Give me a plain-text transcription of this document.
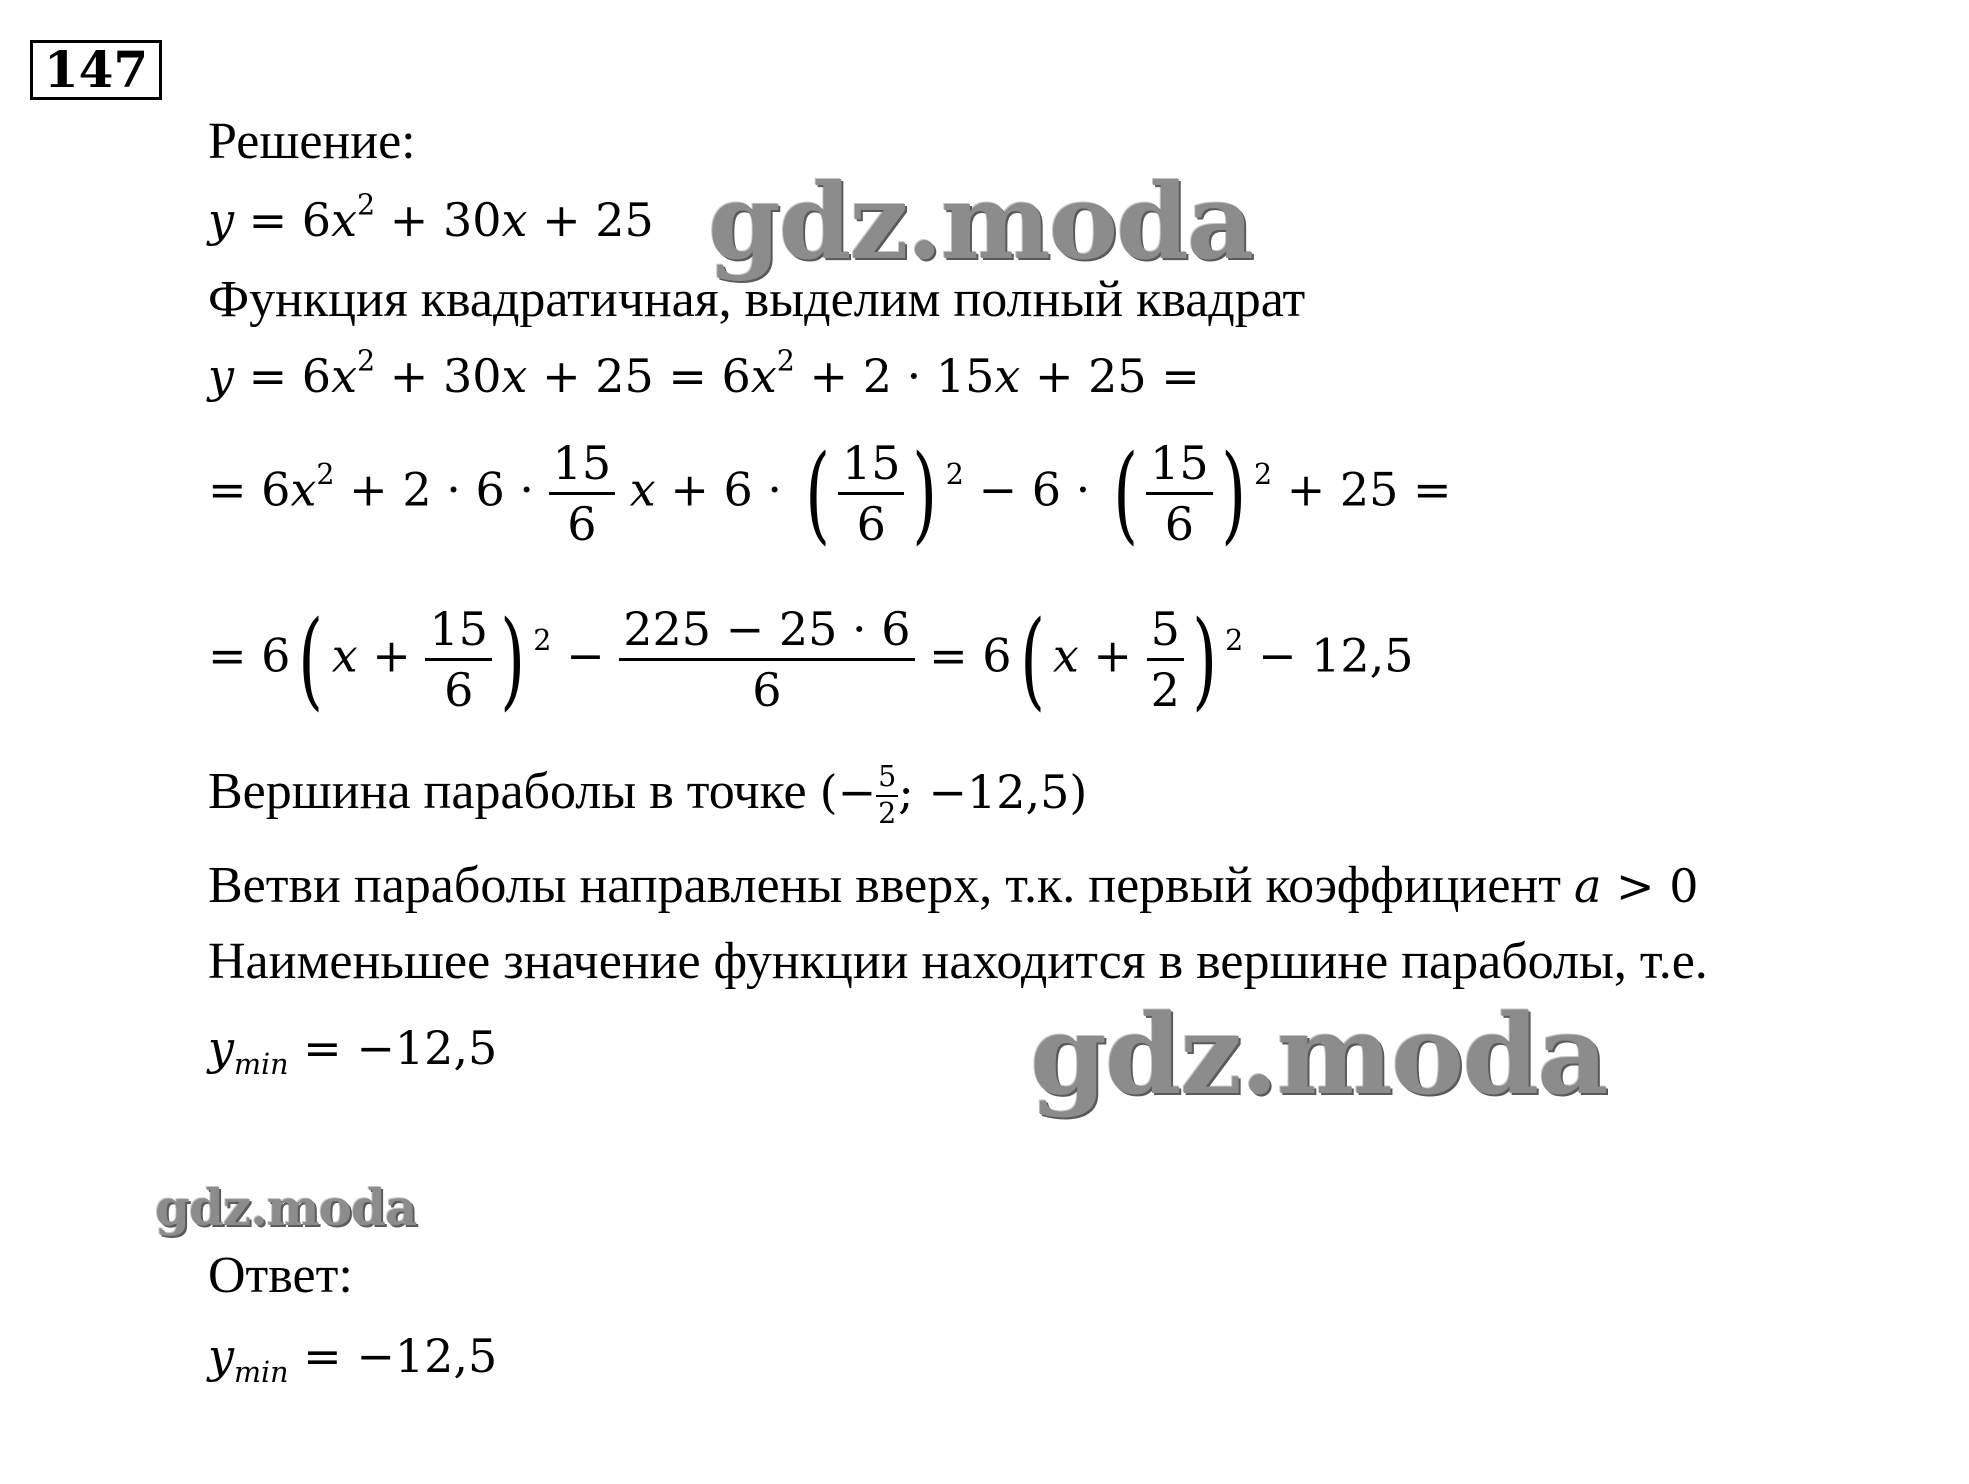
147
Решение:
$y = 6x^2 + 30x + 25$
Функция квадратичная, выделим полный квадрат
$y = 6x^2 + 30x + 25 = 6x^2 + 2 \cdot 15x + 25$ =
= $6x^2 + 2 \cdot 6 \cdot \frac{15}{6}$ x + 6 · ( $\frac{15}{6}$ ) $^2$ − 6 · ( $\frac{15}{6}$ ) $^2$ + 25 =
= 6( $x + \frac{15}{6}$ ) $^2 - \frac{225 - 25 \cdot 6}{6} = 6$( $x + \frac{5}{2}$ ) $^2$ − 12,5
Вершина параболы в точке (− $\frac{5}{2}$ ; −12,5)
Ветви параболы направлены вверх, т.к. первый коэффициент a > 0
Наименьшее значение функции находится в вершине параболы, т.е.
$y_{min} = -12,5$
Ответ:
$y_{min} = -12,5$
gdz.moda
gdz.moda
gdz.moda
